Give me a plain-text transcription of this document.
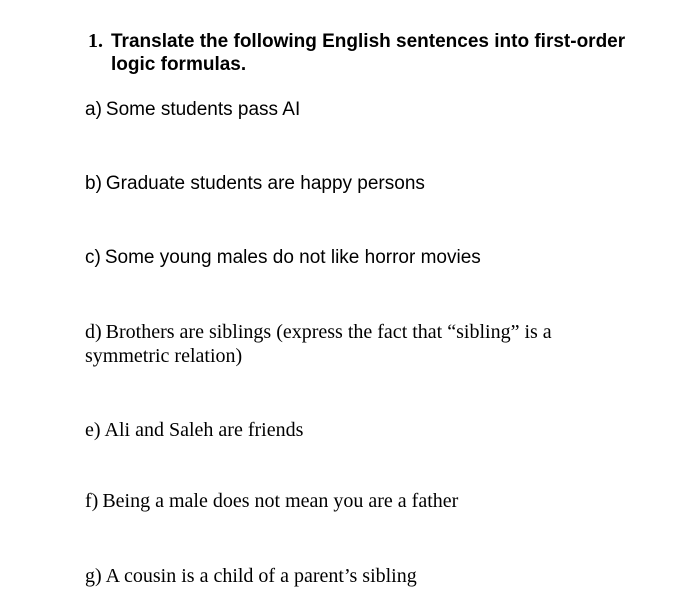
1. Translate the following English sentences into first-order logic formulas.
a) Some students pass AI
b) Graduate students are happy persons
c) Some young males do not like horror movies
d) Brothers are siblings (express the fact that “sibling” is a symmetric relation)
e) Ali and Saleh are friends
f) Being a male does not mean you are a father
g) A cousin is a child of a parent’s sibling
